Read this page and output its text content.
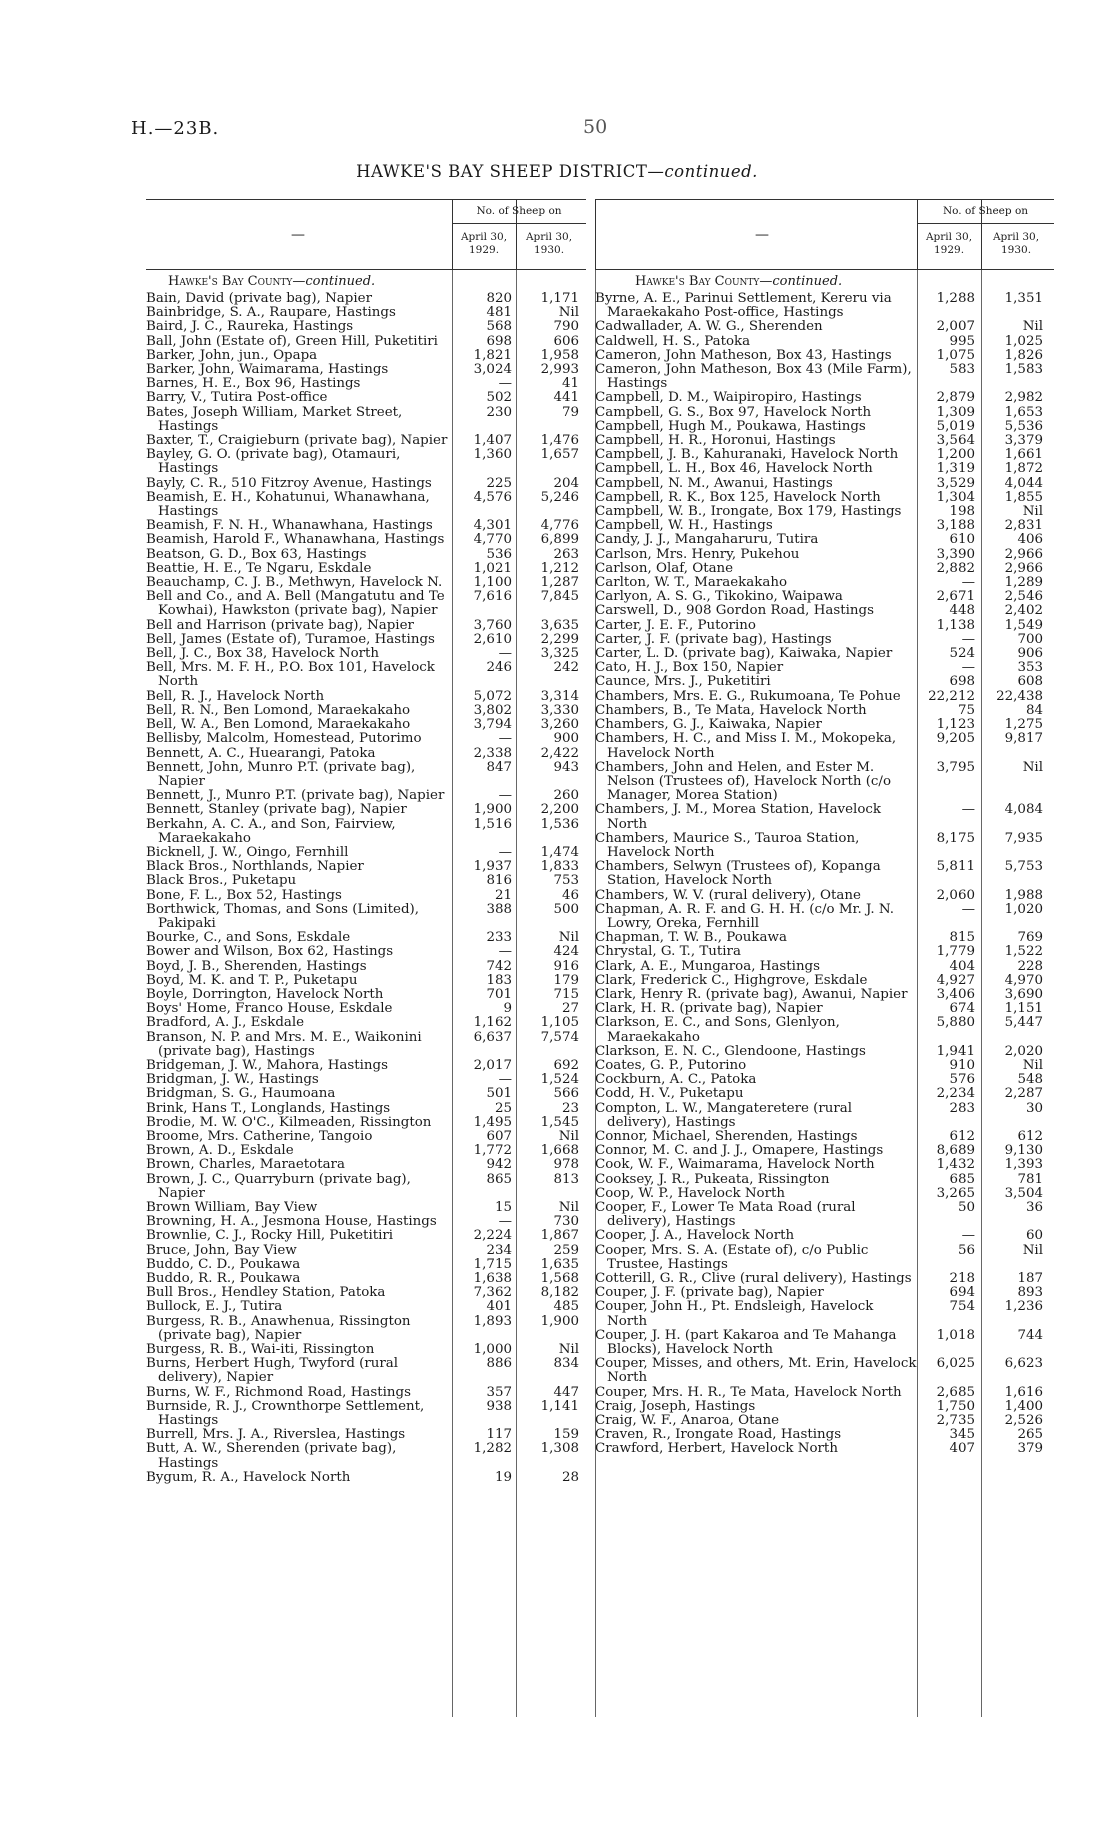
H.—23B.	50
HAWKE'S BAY SHEEP DISTRICT—continued.
—
No. of Sheep on
April 30,
1929.
April 30,
1930.
Hawke's Bay County—continued.
Bain, David (private bag), Napier	820	1,171
Bainbridge, S. A., Raupare, Hastings	481	Nil
Baird, J. C., Raureka, Hastings	568	790
Ball, John (Estate of), Green Hill, Puketitiri	698	606
Barker, John, jun., Opapa	1,821	1,958
Barker, John, Waimarama, Hastings	3,024	2,993
Barnes, H. E., Box 96, Hastings	—	41
Barry, V., Tutira Post-office	502	441
Bates, Joseph William, Market Street, Hastings
230	79
Baxter, T., Craigieburn (private bag), Napier	1,407	1,476
Bayley, G. O. (private bag), Otamauri, Hastings
1,360	1,657
Bayly, C. R., 510 Fitzroy Avenue, Hastings	225	204
Beamish, E. H., Kohatunui, Whanawhana, Hastings
4,576	5,246
Beamish, F. N. H., Whanawhana, Hastings	4,301	4,776
Beamish, Harold F., Whanawhana, Hastings	4,770	6,899
Beatson, G. D., Box 63, Hastings	536	263
Beattie, H. E., Te Ngaru, Eskdale	1,021	1,212
Beauchamp, C. J. B., Methwyn, Havelock N.	1,100	1,287
Bell and Co., and A. Bell (Mangatutu and Te Kowhai), Hawkston (private bag), Napier
7,616	7,845
Bell and Harrison (private bag), Napier	3,760	3,635
Bell, James (Estate of), Turamoe, Hastings	2,610	2,299
Bell, J. C., Box 38, Havelock North	—	3,325
Bell, Mrs. M. F. H., P.O. Box 101, Havelock North
246	242
Bell, R. J., Havelock North	5,072	3,314
Bell, R. N., Ben Lomond, Maraekakaho	3,802	3,330
Bell, W. A., Ben Lomond, Maraekakaho	3,794	3,260
Bellisby, Malcolm, Homestead, Putorimo	—	900
Bennett, A. C., Huearangi, Patoka	2,338	2,422
Bennett, John, Munro P.T. (private bag), Napier
847	943
Bennett, J., Munro P.T. (private bag), Napier	—	260
Bennett, Stanley (private bag), Napier	1,900	2,200
Berkahn, A. C. A., and Son, Fairview, Maraekakaho
1,516	1,536
Bicknell, J. W., Oingo, Fernhill	—	1,474
Black Bros., Northlands, Napier	1,937	1,833
Black Bros., Puketapu	816	753
Bone, F. L., Box 52, Hastings	21	46
Borthwick, Thomas, and Sons (Limited), Pakipaki
388	500
Bourke, C., and Sons, Eskdale	233	Nil
Bower and Wilson, Box 62, Hastings	—	424
Boyd, J. B., Sherenden, Hastings	742	916
Boyd, M. K. and T. P., Puketapu	183	179
Boyle, Dorrington, Havelock North	701	715
Boys' Home, Franco House, Eskdale	9	27
Bradford, A. J., Eskdale	1,162	1,105
Branson, N. P. and Mrs. M. E., Waikonini (private bag), Hastings
6,637	7,574
Bridgeman, J. W., Mahora, Hastings	2,017	692
Bridgman, J. W., Hastings	—	1,524
Bridgman, S. G., Haumoana	501	566
Brink, Hans T., Longlands, Hastings	25	23
Brodie, M. W. O'C., Kilmeaden, Rissington	1,495	1,545
Broome, Mrs. Catherine, Tangoio	607	Nil
Brown, A. D., Eskdale	1,772	1,668
Brown, Charles, Maraetotara	942	978
Brown, J. C., Quarryburn (private bag), Napier
865	813
Brown William, Bay View	15	Nil
Browning, H. A., Jesmona House, Hastings	—	730
Brownlie, C. J., Rocky Hill, Puketitiri	2,224	1,867
Bruce, John, Bay View	234	259
Buddo, C. D., Poukawa	1,715	1,635
Buddo, R. R., Poukawa	1,638	1,568
Bull Bros., Hendley Station, Patoka	7,362	8,182
Bullock, E. J., Tutira	401	485
Burgess, R. B., Anawhenua, Rissington (private bag), Napier
1,893	1,900
Burgess, R. B., Wai-iti, Rissington	1,000	Nil
Burns, Herbert Hugh, Twyford (rural delivery), Napier
886	834
Burns, W. F., Richmond Road, Hastings	357	447
Burnside, R. J., Crownthorpe Settlement, Hastings
938	1,141
Burrell, Mrs. J. A., Riverslea, Hastings	117	159
Butt, A. W., Sherenden (private bag), Hastings
1,282	1,308
Bygum, R. A., Havelock North	19	28
—
No. of Sheep on
April 30,
1929.
April 30,
1930.
Hawke's Bay County—continued.
Byrne, A. E., Parinui Settlement, Kereru via Maraekakaho Post-office, Hastings
1,288	1,351
Cadwallader, A. W. G., Sherenden	2,007	Nil
Caldwell, H. S., Patoka	995	1,025
Cameron, John Matheson, Box 43, Hastings	1,075	1,826
Cameron, John Matheson, Box 43 (Mile Farm), Hastings
583	1,583
Campbell, D. M., Waipiropiro, Hastings	2,879	2,982
Campbell, G. S., Box 97, Havelock North	1,309	1,653
Campbell, Hugh M., Poukawa, Hastings	5,019	5,536
Campbell, H. R., Horonui, Hastings	3,564	3,379
Campbell, J. B., Kahuranaki, Havelock North	1,200	1,661
Campbell, L. H., Box 46, Havelock North	1,319	1,872
Campbell, N. M., Awanui, Hastings	3,529	4,044
Campbell, R. K., Box 125, Havelock North	1,304	1,855
Campbell, W. B., Irongate, Box 179, Hastings	198	Nil
Campbell, W. H., Hastings	3,188	2,831
Candy, J. J., Mangaharuru, Tutira	610	406
Carlson, Mrs. Henry, Pukehou	3,390	2,966
Carlson, Olaf, Otane	2,882	2,966
Carlton, W. T., Maraekakaho	—	1,289
Carlyon, A. S. G., Tikokino, Waipawa	2,671	2,546
Carswell, D., 908 Gordon Road, Hastings	448	2,402
Carter, J. E. F., Putorino	1,138	1,549
Carter, J. F. (private bag), Hastings	—	700
Carter, L. D. (private bag), Kaiwaka, Napier	524	906
Cato, H. J., Box 150, Napier	—	353
Caunce, Mrs. J., Puketitiri	698	608
Chambers, Mrs. E. G., Rukumoana, Te Pohue	22,212	22,438
Chambers, B., Te Mata, Havelock North	75	84
Chambers, G. J., Kaiwaka, Napier	1,123	1,275
Chambers, H. C., and Miss I. M., Mokopeka, Havelock North
9,205	9,817
Chambers, John and Helen, and Ester M. Nelson (Trustees of), Havelock North (c/o Manager, Morea Station)
3,795	Nil
Chambers, J. M., Morea Station, Havelock North
—	4,084
Chambers, Maurice S., Tauroa Station, Havelock North
8,175	7,935
Chambers, Selwyn (Trustees of), Kopanga Station, Havelock North
5,811	5,753
Chambers, W. V. (rural delivery), Otane	2,060	1,988
Chapman, A. R. F. and G. H. H. (c/o Mr. J. N. Lowry, Oreka, Fernhill
—	1,020
Chapman, T. W. B., Poukawa	815	769
Chrystal, G. T., Tutira	1,779	1,522
Clark, A. E., Mungaroa, Hastings	404	228
Clark, Frederick C., Highgrove, Eskdale	4,927	4,970
Clark, Henry R. (private bag), Awanui, Napier	3,406	3,690
Clark, H. R. (private bag), Napier	674	1,151
Clarkson, E. C., and Sons, Glenlyon, Maraekakaho
5,880	5,447
Clarkson, E. N. C., Glendoone, Hastings	1,941	2,020
Coates, G. P., Putorino	910	Nil
Cockburn, A. C., Patoka	576	548
Codd, H. V., Puketapu	2,234	2,287
Compton, L. W., Mangateretere (rural delivery), Hastings
283	30
Connor, Michael, Sherenden, Hastings	612	612
Connor, M. C. and J. J., Omapere, Hastings	8,689	9,130
Cook, W. F., Waimarama, Havelock North	1,432	1,393
Cooksey, J. R., Pukeata, Rissington	685	781
Coop, W. P., Havelock North	3,265	3,504
Cooper, F., Lower Te Mata Road (rural delivery), Hastings
50	36
Cooper, J. A., Havelock North	—	60
Cooper, Mrs. S. A. (Estate of), c/o Public Trustee, Hastings
56	Nil
Cotterill, G. R., Clive (rural delivery), Hastings	218	187
Couper, J. F. (private bag), Napier	694	893
Couper, John H., Pt. Endsleigh, Havelock North
754	1,236
Couper, J. H. (part Kakaroa and Te Mahanga Blocks), Havelock North
1,018	744
Couper, Misses, and others, Mt. Erin, Havelock North
6,025	6,623
Couper, Mrs. H. R., Te Mata, Havelock North	2,685	1,616
Craig, Joseph, Hastings	1,750	1,400
Craig, W. F., Anaroa, Otane	2,735	2,526
Craven, R., Irongate Road, Hastings	345	265
Crawford, Herbert, Havelock North	407	379
